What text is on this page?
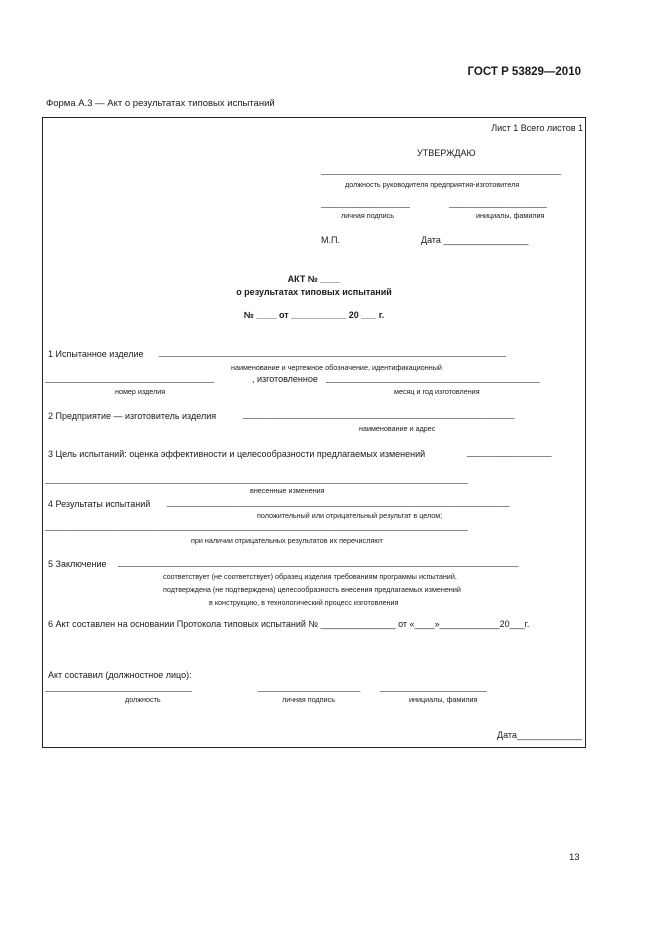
ГОСТ Р 53829—2010
Форма А.3 — Акт о результатах типовых испытаний
Лист 1 Всего листов 1
УТВЕРЖДАЮ
______________________________________________________
должность руководителя предприятия-изготовителя
____________________	______________________
личная подпись	инициалы, фамилия
М.П.	Дата _________________
АКТ № ____
о результатах типовых испытаний
№ ____ от ___________ 20 ___ г.
1 Испытанное изделие ______________________________________________________________________________
наименование и чертежное обозначение, идентификационный
______________________________________	, изготовленное ________________________________________________
номер изделия	месяц и год изготовления
2 Предприятие — изготовитель изделия	_____________________________________________________________
наименование и адрес
3 Цель испытаний: оценка эффективности и целесообразности предлагаемых изменений	___________________
_______________________________________________________________________________________________
внесенные изменения
4 Результаты испытаний _____________________________________________________________________________
положительный или отрицательный результат в целом;
_______________________________________________________________________________________________
при наличии отрицательных результатов их перечисляют
5 Заключение __________________________________________________________________________________________
соответствует (не соответствует) образец изделия требованиям программы испытаний,
подтверждена (не подтверждена) целесообразность внесения предлагаемых изменений
в конструкцию, в технологический процесс изготовления
6 Акт составлен на основании Протокола типовых испытаний № _______________ от «____»____________20___г.
Акт составил (должностное лицо):
_________________________________	_______________________ ________________________
должность	личная подпись	инициалы, фамилия
Дата_____________
13
